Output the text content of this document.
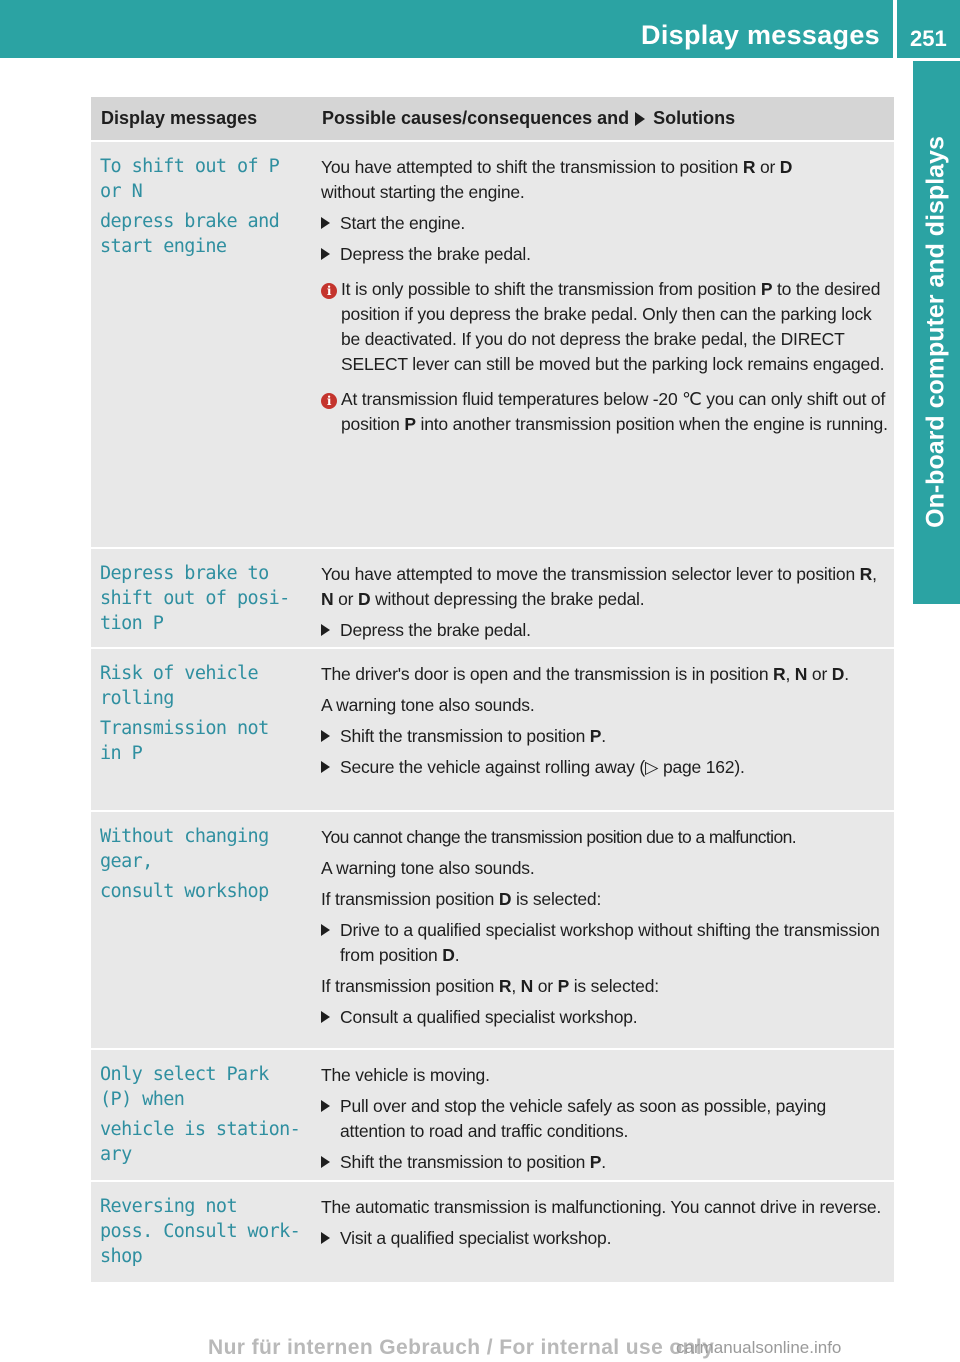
Display messages 251
On-board computer and displays
Display messages	Possible causes/consequences and Solutions
To shift out of P
or N
depress brake and
start engine
You have attempted to shift the transmission to position R or D
without starting the engine.
Start the engine.
Depress the brake pedal.
i It is only possible to shift the transmission from position P to the desired position if you depress the brake pedal. Only then can the parking lock be deactivated. If you do not depress the brake pedal, the DIRECT SELECT lever can still be moved but the parking lock remains engaged.
i At transmission fluid temperatures below -20 ℃ you can only shift out of position P into another transmission position when the engine is running.
Depress brake to
shift out of posi‐
tion P
You have attempted to move the transmission selector lever to position R, N or D without depressing the brake pedal.
Depress the brake pedal.
Risk of vehicle
rolling
Transmission not
in P
The driver's door is open and the transmission is in position R, N or D.
A warning tone also sounds.
Shift the transmission to position P.
Secure the vehicle against rolling away (▷ page 162).
Without changing
gear,
consult workshop
You cannot change the transmission position due to a malfunction.
A warning tone also sounds.
If transmission position D is selected:
Drive to a qualified specialist workshop without shifting the transmission from position D.
If transmission position R, N or P is selected:
Consult a qualified specialist workshop.
Only select Park
(P) when
vehicle is station‐
ary
The vehicle is moving.
Pull over and stop the vehicle safely as soon as possible, paying attention to road and traffic conditions.
Shift the transmission to position P.
Reversing not
poss. Consult work‐
shop
The automatic transmission is malfunctioning. You cannot drive in reverse.
Visit a qualified specialist workshop.
Nur für internen Gebrauch / For internal use only
carmanualsonline.info
